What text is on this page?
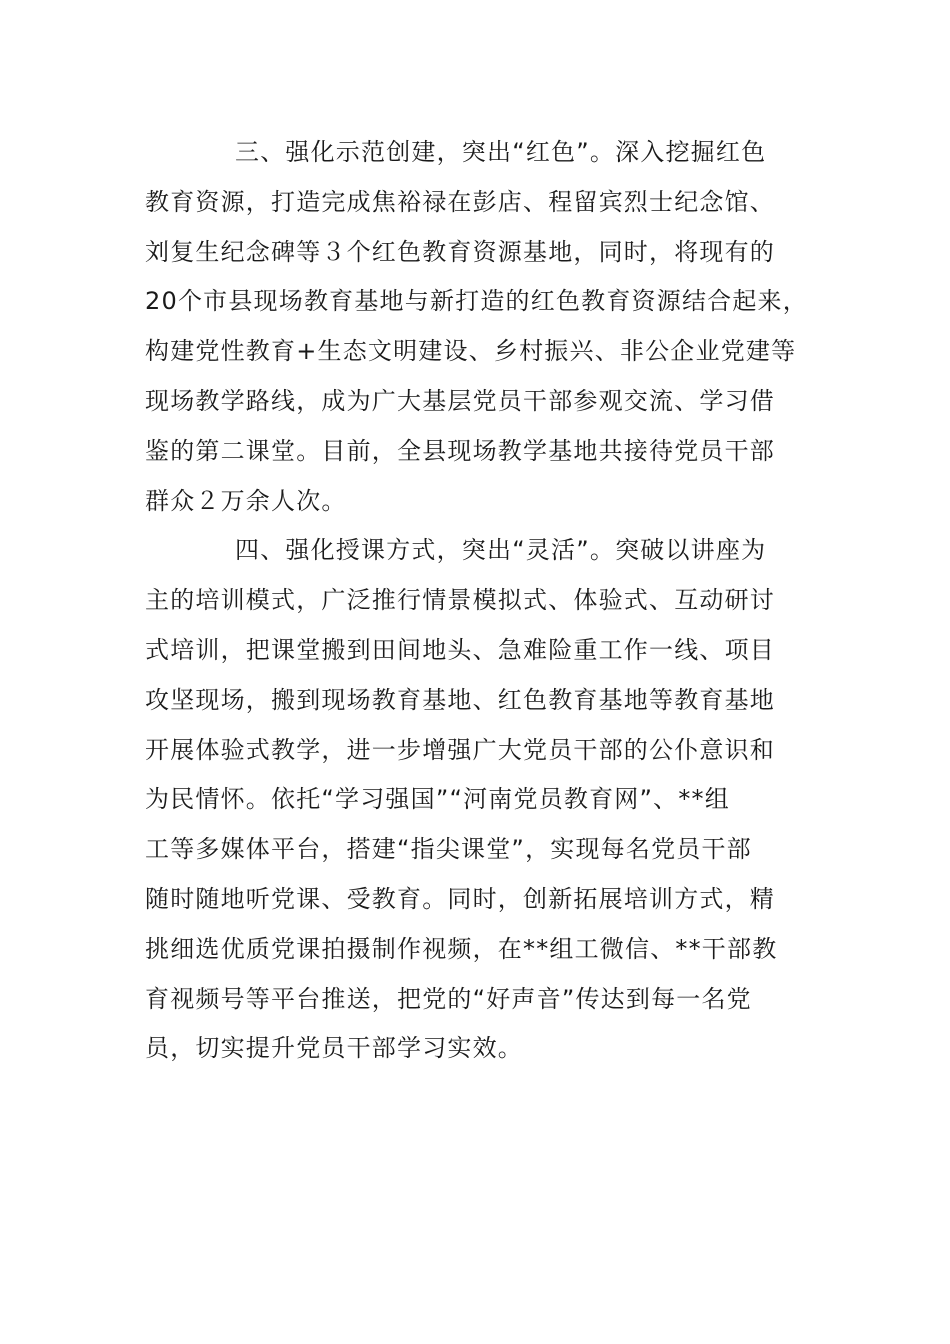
三、强化示范创建，突出“红色”。深入挖掘红色
教育资源，打造完成焦裕禄在彭店、程留宾烈士纪念馆、
刘复生纪念碑等３个红色教育资源基地，同时，将现有的
20个市县现场教育基地与新打造的红色教育资源结合起来，
构建党性教育+生态文明建设、乡村振兴、非公企业党建等
现场教学路线，成为广大基层党员干部参观交流、学习借
鉴的第二课堂。目前，全县现场教学基地共接待党员干部
群众２万余人次。
四、强化授课方式，突出“灵活”。突破以讲座为
主的培训模式，广泛推行情景模拟式、体验式、互动研讨
式培训，把课堂搬到田间地头、急难险重工作一线、项目
攻坚现场，搬到现场教育基地、红色教育基地等教育基地
开展体验式教学，进一步增强广大党员干部的公仆意识和
为民情怀。依托“学习强国”“河南党员教育网”、**组
工等多媒体平台，搭建“指尖课堂”，实现每名党员干部
随时随地听党课、受教育。同时，创新拓展培训方式，精
挑细选优质党课拍摄制作视频，在**组工微信、**干部教
育视频号等平台推送，把党的“好声音”传达到每一名党
员，切实提升党员干部学习实效。
